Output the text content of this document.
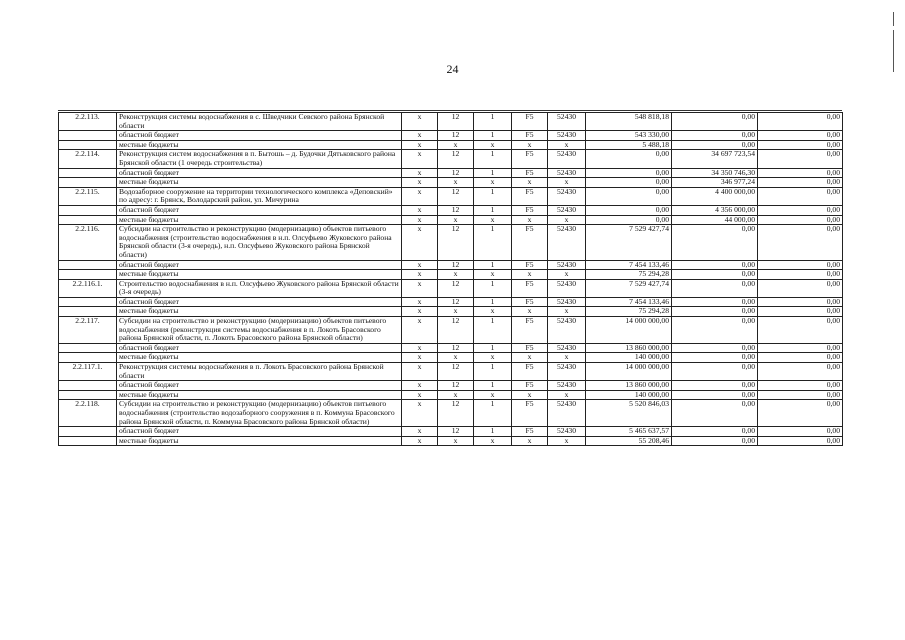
24
2.2.113.	Реконструкция системы водоснабжения в с. Шведчики Севского района Брянской области	х	12	1	F5	52430	548 818,18	0,00	0,00
	областной бюджет	х	12	1	F5	52430	543 330,00	0,00	0,00
	местные бюджеты	х	х	х	х	х	5 488,18	0,00	0,00
2.2.114.	Реконструкция систем водоснабжения в п. Бытошь – д. Будочки Дятьковского района Брянской области (1 очередь строительства)	х	12	1	F5	52430	0,00	34 697 723,54	0,00
	областной бюджет	х	12	1	F5	52430	0,00	34 350 746,30	0,00
	местные бюджеты	х	х	х	х	х	0,00	346 977,24	0,00
2.2.115.	Водозаборное сооружение на территории технологического комплекса «Деповский» по адресу: г. Брянск, Володарский район, ул. Мичурина	х	12	1	F5	52430	0,00	4 400 000,00	0,00
	областной бюджет	х	12	1	F5	52430	0,00	4 356 000,00	0,00
	местные бюджеты	х	х	х	х	х	0,00	44 000,00	0,00
2.2.116.	Субсидии на строительство и реконструкцию (модернизацию) объектов питьевого водоснабжения (строительство водоснабжения в н.п. Олсуфьево Жуковского района Брянской области (3-я очередь), н.п. Олсуфьево Жуковского района Брянской области)	х	12	1	F5	52430	7 529 427,74	0,00	0,00
	областной бюджет	х	12	1	F5	52430	7 454 133,46	0,00	0,00
	местные бюджеты	х	х	х	х	х	75 294,28	0,00	0,00
2.2.116.1.	Строительство водоснабжения в н.п. Олсуфьево Жуковского района Брянской области (3-я очередь)	х	12	1	F5	52430	7 529 427,74	0,00	0,00
	областной бюджет	х	12	1	F5	52430	7 454 133,46	0,00	0,00
	местные бюджеты	х	х	х	х	х	75 294,28	0,00	0,00
2.2.117.	Субсидии на строительство и реконструкцию (модернизацию) объектов питьевого водоснабжения (реконструкция системы водоснабжения в п. Локоть Брасовского района Брянской области, п. Локоть Брасовского района Брянской области)	х	12	1	F5	52430	14 000 000,00	0,00	0,00
	областной бюджет	х	12	1	F5	52430	13 860 000,00	0,00	0,00
	местные бюджеты	х	х	х	х	х	140 000,00	0,00	0,00
2.2.117.1.	Реконструкция системы водоснабжения в п. Локоть Брасовского района Брянской области	х	12	1	F5	52430	14 000 000,00	0,00	0,00
	областной бюджет	х	12	1	F5	52430	13 860 000,00	0,00	0,00
	местные бюджеты	х	х	х	х	х	140 000,00	0,00	0,00
2.2.118.	Субсидии на строительство и реконструкцию (модернизацию) объектов питьевого водоснабжения (строительство водозаборного сооружения в п. Коммуна Брасовского района Брянской области, п. Коммуна Брасовского района Брянской области)	х	12	1	F5	52430	5 520 846,03	0,00	0,00
	областной бюджет	х	12	1	F5	52430	5 465 637,57	0,00	0,00
	местные бюджеты	х	х	х	х	х	55 208,46	0,00	0,00
